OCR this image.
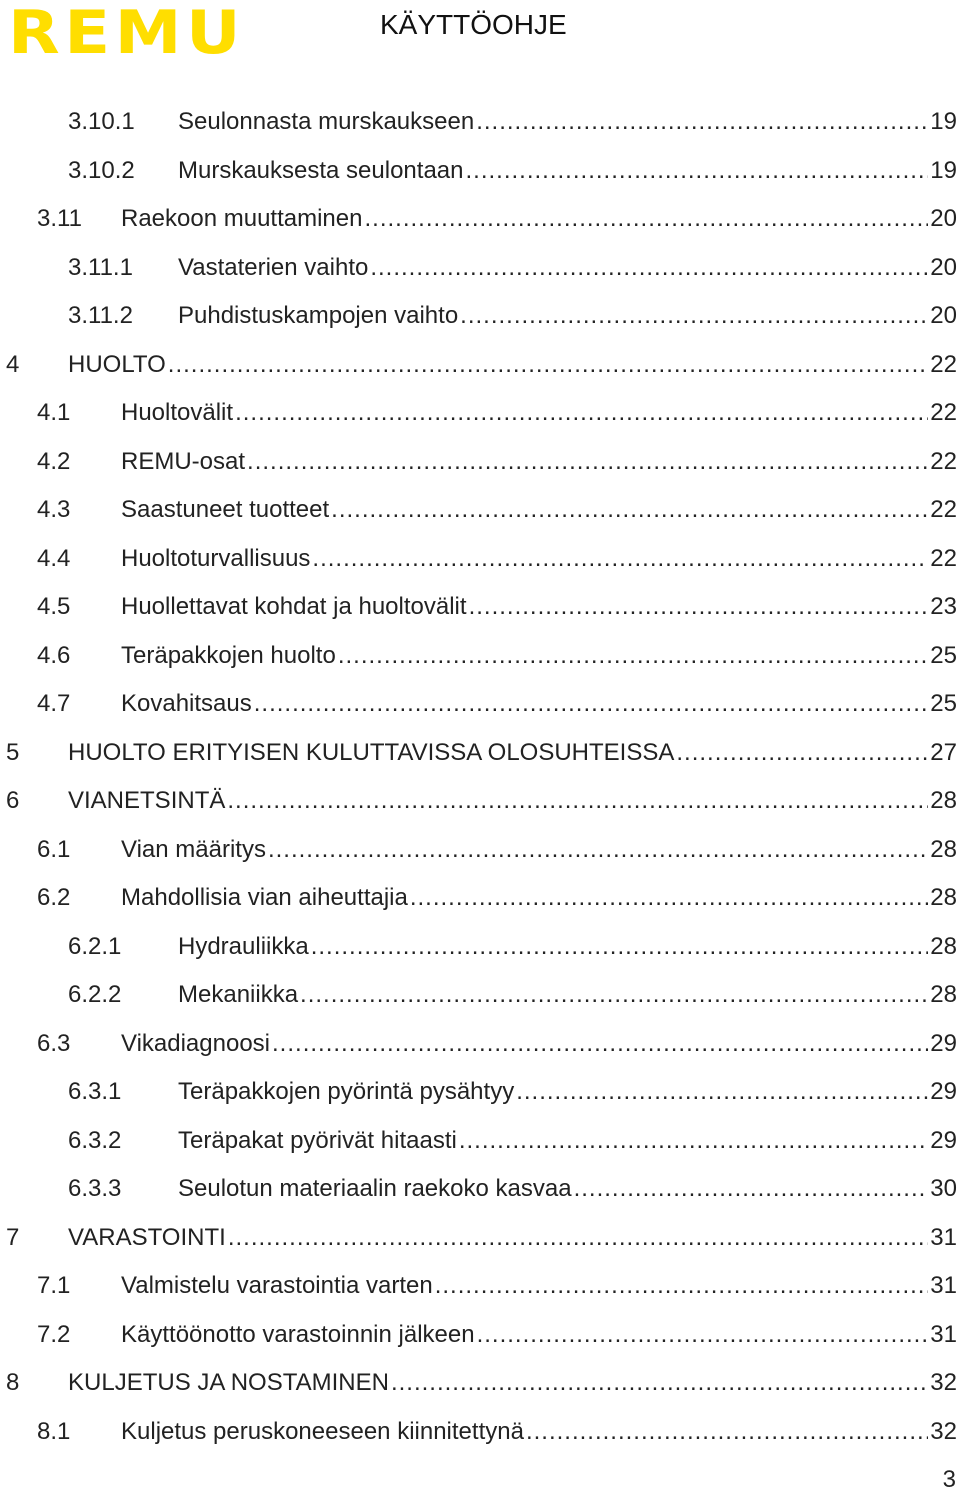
REMU	KÄYTTÖOHJE
3.10.1 Seulonnasta murskaukseen .....	19
3.10.2 Murskauksesta seulontaan .....	19
3.11 Raekoon muuttaminen .....	20
3.11.1 Vastaterien vaihto .....	20
3.11.2 Puhdistuskampojen vaihto .....	20
4 HUOLTO .....	22
4.1 Huoltovälit .....	22
4.2 REMU-osat .....	22
4.3 Saastuneet tuotteet .....	22
4.4 Huoltoturvallisuus .....	22
4.5 Huollettavat kohdat ja huoltovälit .....	23
4.6 Teräpakkojen huolto .....	25
4.7 Kovahitsaus .....	25
5 HUOLTO ERITYISEN KULUTTAVISSA OLOSUHTEISSA .....	27
6 VIANETSINTÄ .....	28
6.1 Vian määritys .....	28
6.2 Mahdollisia vian aiheuttajia .....	28
6.2.1 Hydrauliikka .....	28
6.2.2 Mekaniikka .....	28
6.3 Vikadiagnoosi .....	29
6.3.1 Teräpakkojen pyörintä pysähtyy .....	29
6.3.2 Teräpakat pyörivät hitaasti .....	29
6.3.3 Seulotun materiaalin raekoko kasvaa .....	30
7 VARASTOINTI .....	31
7.1 Valmistelu varastointia varten .....	31
7.2 Käyttöönotto varastoinnin jälkeen .....	31
8 KULJETUS JA NOSTAMINEN .....	32
8.1 Kuljetus peruskoneeseen kiinnitettynä .....	32
3
